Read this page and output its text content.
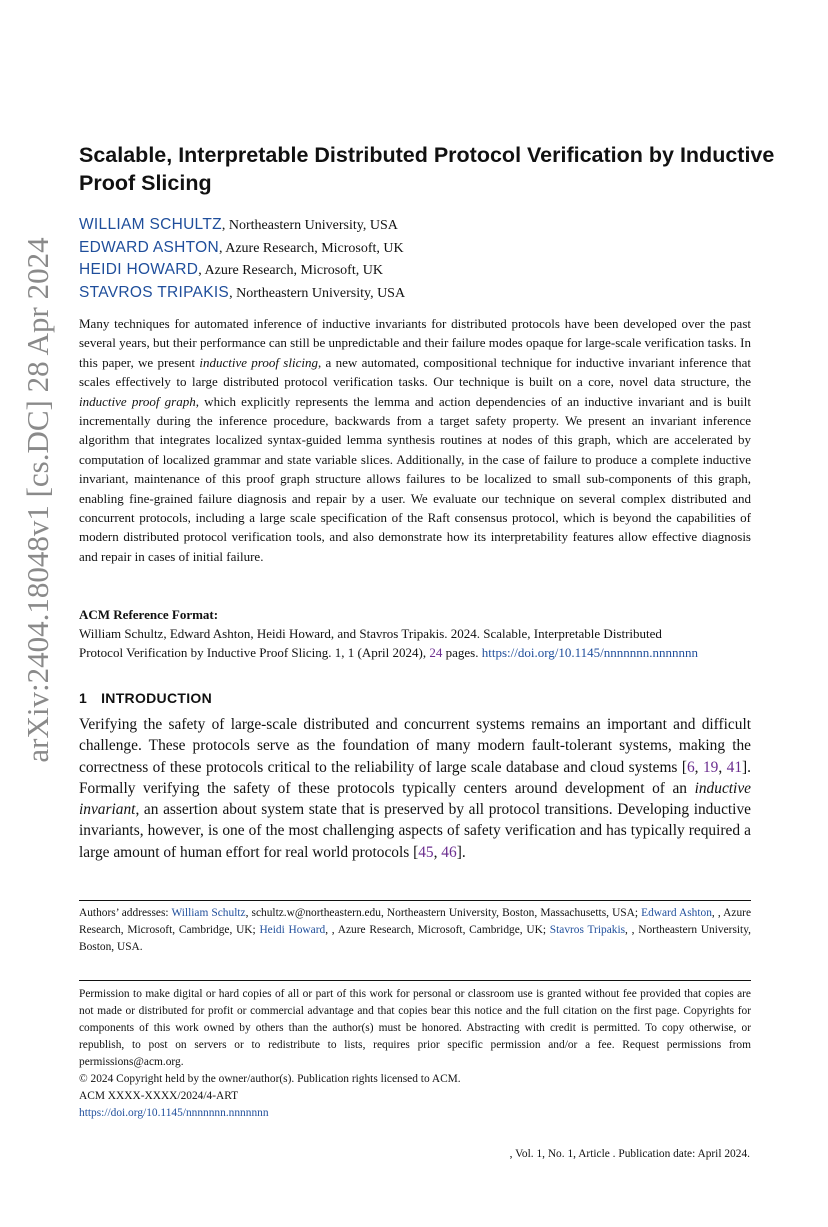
arXiv:2404.18048v1 [cs.DC] 28 Apr 2024
Scalable, Interpretable Distributed Protocol Verification by Inductive Proof Slicing
WILLIAM SCHULTZ, Northeastern University, USA
EDWARD ASHTON, Azure Research, Microsoft, UK
HEIDI HOWARD, Azure Research, Microsoft, UK
STAVROS TRIPAKIS, Northeastern University, USA

Many techniques for automated inference of inductive invariants for distributed protocols have been developed over the past several years, but their performance can still be unpredictable and their failure modes opaque for large-scale verification tasks. In this paper, we present inductive proof slicing, a new automated, compositional technique for inductive invariant inference that scales effectively to large distributed protocol verification tasks. Our technique is built on a core, novel data structure, the inductive proof graph, which explicitly represents the lemma and action dependencies of an inductive invariant and is built incrementally during the inference procedure, backwards from a target safety property. We present an invariant inference algorithm that integrates localized syntax-guided lemma synthesis routines at nodes of this graph, which are accelerated by computation of localized grammar and state variable slices. Additionally, in the case of failure to produce a complete inductive invariant, maintenance of this proof graph structure allows failures to be localized to small sub-components of this graph, enabling fine-grained failure diagnosis and repair by a user. We evaluate our technique on several complex distributed and concurrent protocols, including a large scale specification of the Raft consensus protocol, which is beyond the capabilities of modern distributed protocol verification tools, and also demonstrate how its interpretability features allow effective diagnosis and repair in cases of initial failure.

ACM Reference Format:
William Schultz, Edward Ashton, Heidi Howard, and Stavros Tripakis. 2024. Scalable, Interpretable Distributed
Protocol Verification by Inductive Proof Slicing. 1, 1 (April 2024), 24 pages. https://doi.org/10.1145/nnnnnnn.nnnnnnn
1 INTRODUCTION

Verifying the safety of large-scale distributed and concurrent systems remains an important and difficult challenge. These protocols serve as the foundation of many modern fault-tolerant systems, making the correctness of these protocols critical to the reliability of large scale database and cloud systems [6, 19, 41]. Formally verifying the safety of these protocols typically centers around development of an inductive invariant, an assertion about system state that is preserved by all protocol transitions. Developing inductive invariants, however, is one of the most challenging aspects of safety verification and has typically required a large amount of human effort for real world protocols [45, 46].

Authors’ addresses: William Schultz, schultz.w@northeastern.edu, Northeastern University, Boston, Massachusetts, USA; Edward Ashton, , Azure Research, Microsoft, Cambridge, UK; Heidi Howard, , Azure Research, Microsoft, Cambridge, UK; Stavros Tripakis, , Northeastern University, Boston, USA.

Permission to make digital or hard copies of all or part of this work for personal or classroom use is granted without fee provided that copies are not made or distributed for profit or commercial advantage and that copies bear this notice and the full citation on the first page. Copyrights for components of this work owned by others than the author(s) must be honored. Abstracting with credit is permitted. To copy otherwise, or republish, to post on servers or to redistribute to lists, requires prior specific permission and/or a fee. Request permissions from permissions@acm.org.
© 2024 Copyright held by the owner/author(s). Publication rights licensed to ACM.
ACM XXXX-XXXX/2024/4-ART
https://doi.org/10.1145/nnnnnnn.nnnnnnn
, Vol. 1, No. 1, Article . Publication date: April 2024.
